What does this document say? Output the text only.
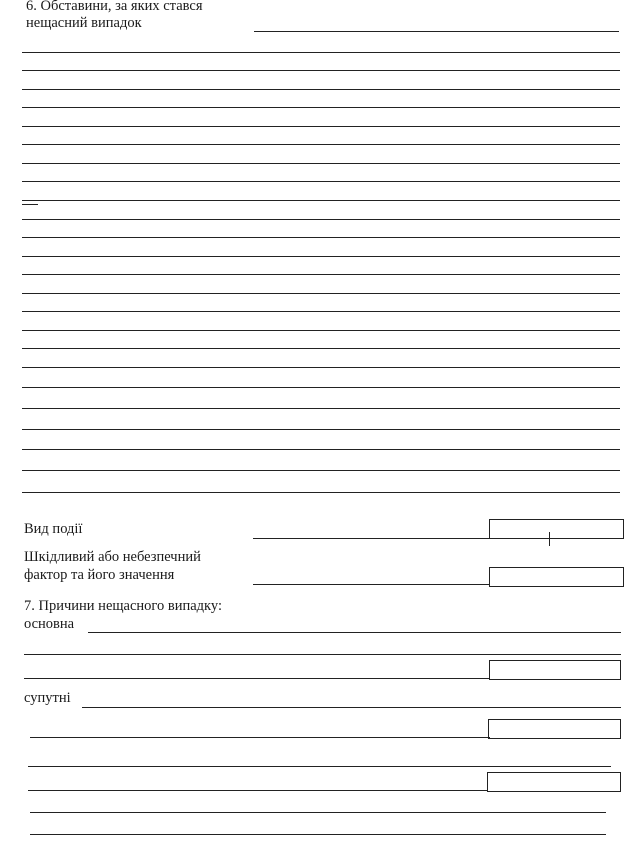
6. Обставини, за яких стався
нещасний випадок
Вид події
Шкідливий або небезпечний
фактор та його значення
7. Причини нещасного випадку:
основна
супутні
